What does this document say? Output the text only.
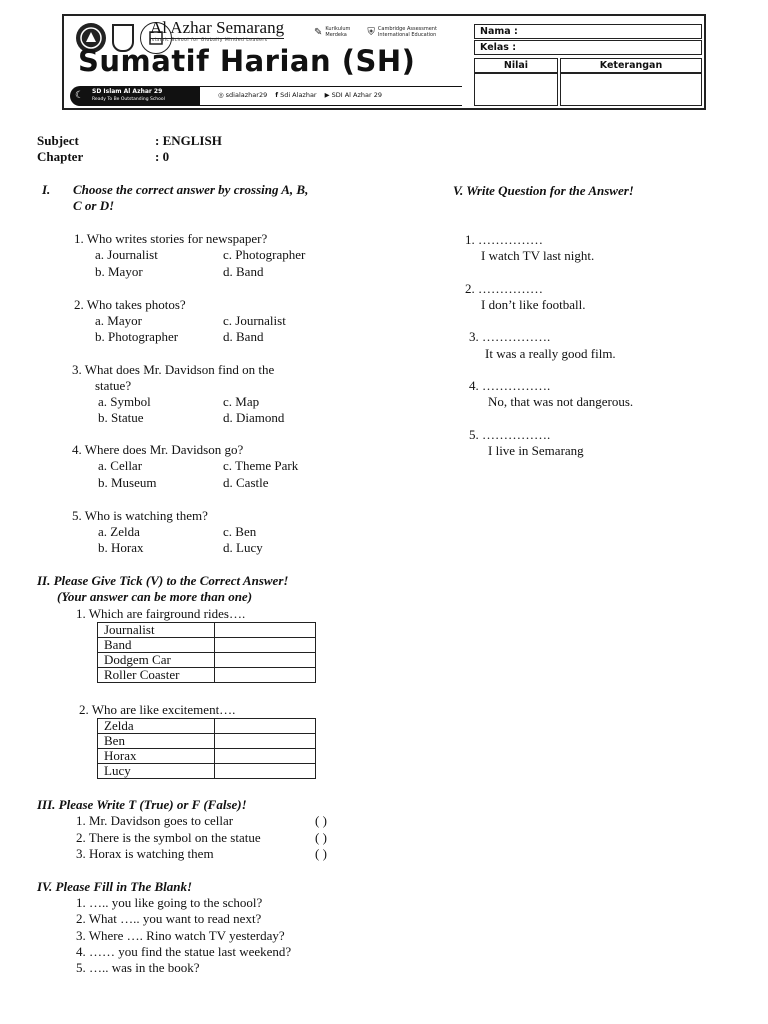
Al Azhar Semarang
Islamic School for Globally Minded Leaders
✎ Kurikulum Merdeka	⛨ Cambridge Assessment International Education
Sumatif Harian (SH)
☾ SD Islam Al Azhar 29
Ready To Be Outstanding School
◎ sdialazhar29 f Sdi Alazhar ▶ SDI Al Azhar 29
Nama :
Kelas :
Nilai	Keterangan
Subject	: ENGLISH
Chapter	: 0
I. Choose the correct answer by crossing A, B,
C or D!
1. Who writes stories for newspaper?
a. Journalist	c. Photographer
b. Mayor	d. Band
2. Who takes photos?
a. Mayor	c. Journalist
b. Photographer	d. Band
3. What does Mr. Davidson find on the
statue?
a. Symbol	c. Map
b. Statue	d. Diamond
4. Where does Mr. Davidson go?
a. Cellar	c. Theme Park
b. Museum	d. Castle
5. Who is watching them?
a. Zelda	c. Ben
b. Horax	d. Lucy
II. Please Give Tick (V) to the Correct Answer!
(Your answer can be more than one)
1. Which are fairground rides….
Journalist	
Band	
Dodgem Car	
Roller Coaster	
2. Who are like excitement….
Zelda	
Ben	
Horax	
Lucy	
III. Please Write T (True) or F (False)!
1. Mr. Davidson goes to cellar	( )
2. There is the symbol on the statue	( )
3. Horax is watching them	( )
IV. Please Fill in The Blank!
1. ….. you like going to the school?
2. What ….. you want to read next?
3. Where …. Rino watch TV yesterday?
4. …… you find the statue last weekend?
5. ….. was in the book?
V. Write Question for the Answer!
1. ……………
I watch TV last night.
2. ……………
I don’t like football.
3. …………….
It was a really good film.
4. …………….
No, that was not dangerous.
5. …………….
I live in Semarang
